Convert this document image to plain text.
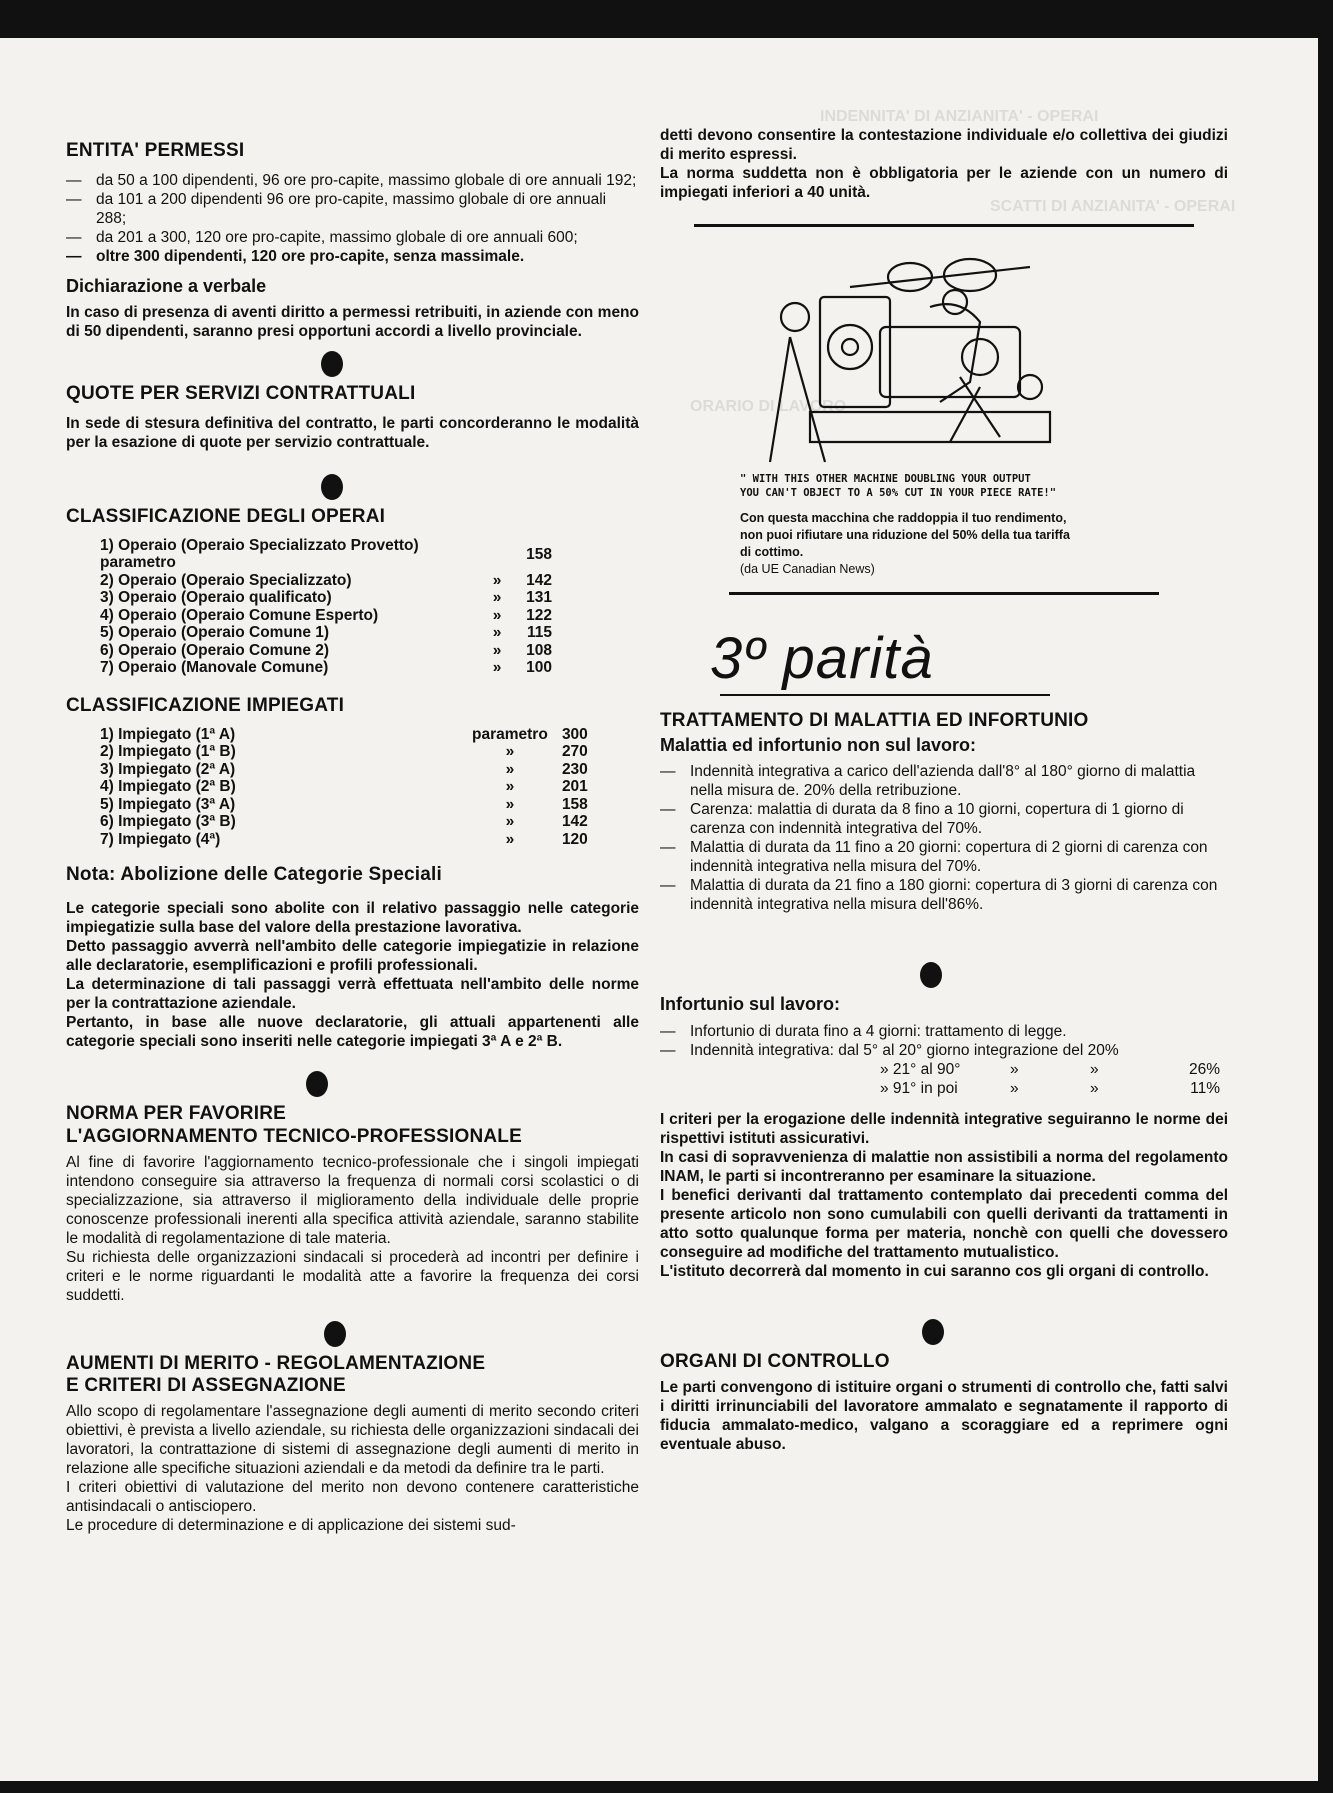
INDENNITA' DI ANZIANITA' - OPERAI
SCATTI DI ANZIANITA' - OPERAI
ORARIO DI LAVORO
ENTITA' PERMESSI
— da 50 a 100 dipendenti, 96 ore pro-capite, massimo globale di ore annuali 192;
— da 101 a 200 dipendenti 96 ore pro-capite, massimo globale di ore annuali 288;
— da 201 a 300, 120 ore pro-capite, massimo globale di ore annuali 600;
— oltre 300 dipendenti, 120 ore pro-capite, senza massimale.
Dichiarazione a verbale

In caso di presenza di aventi diritto a permessi retribuiti, in aziende con meno di 50 dipendenti, saranno presi opportuni accordi a livello provinciale.

QUOTE PER SERVIZI CONTRATTUALI

In sede di stesura definitiva del contratto, le parti concorderanno le modalità per la esazione di quote per servizio contrattuale.

CLASSIFICAZIONE DEGLI OPERAI
1) Operaio (Operaio Specializzato Provetto) parametro		158
2) Operaio (Operaio Specializzato)	»	142
3) Operaio (Operaio qualificato)	»	131
4) Operaio (Operaio Comune Esperto)	»	122
5) Operaio (Operaio Comune 1)	»	115
6) Operaio (Operaio Comune 2)	»	108
7) Operaio (Manovale Comune)	»	100
CLASSIFICAZIONE IMPIEGATI
1) Impiegato (1ª A)	parametro	300
2) Impiegato (1ª B)	»	270
3) Impiegato (2ª A)	»	230
4) Impiegato (2ª B)	»	201
5) Impiegato (3ª A)	»	158
6) Impiegato (3ª B)	»	142
7) Impiegato (4ª)	»	120
Nota: Abolizione delle Categorie Speciali

Le categorie speciali sono abolite con il relativo passaggio nelle categorie impiegatizie sulla base del valore della prestazione lavorativa.

Detto passaggio avverrà nell'ambito delle categorie impiegatizie in relazione alle declaratorie, esemplificazioni e profili professionali.

La determinazione di tali passaggi verrà effettuata nell'ambito delle norme per la contrattazione aziendale.

Pertanto, in base alle nuove declaratorie, gli attuali appartenenti alle categorie speciali sono inseriti nelle categorie impiegati 3ª A e 2ª B.

NORMA PER FAVORIRE
L'AGGIORNAMENTO TECNICO-PROFESSIONALE

Al fine di favorire l'aggiornamento tecnico-professionale che i singoli impiegati intendono conseguire sia attraverso la frequenza di normali corsi scolastici o di specializzazione, sia attraverso il miglioramento della individuale delle proprie conoscenze professionali inerenti alla specifica attività aziendale, saranno stabilite le modalità di regolamentazione di tale materia.

Su richiesta delle organizzazioni sindacali si procederà ad incontri per definire i criteri e le norme riguardanti le modalità atte a favorire la frequenza dei corsi suddetti.

AUMENTI DI MERITO - REGOLAMENTAZIONE
E CRITERI DI ASSEGNAZIONE

Allo scopo di regolamentare l'assegnazione degli aumenti di merito secondo criteri obiettivi, è prevista a livello aziendale, su richiesta delle organizzazioni sindacali dei lavoratori, la contrattazione di sistemi di assegnazione degli aumenti di merito in relazione alle specifiche situazioni aziendali e da metodi da definire tra le parti.

I criteri obiettivi di valutazione del merito non devono contenere caratteristiche antisindacali o antisciopero.

Le procedure di determinazione e di applicazione dei sistemi sud-

detti devono consentire la contestazione individuale e/o collettiva dei giudizi di merito espressi.

La norma suddetta non è obbligatoria per le aziende con un numero di impiegati inferiori a 40 unità.

" WITH THIS OTHER MACHINE DOUBLING YOUR OUTPUT
YOU CAN'T OBJECT TO A 50% CUT IN YOUR PIECE RATE!"
Con questa macchina che raddoppia il tuo rendimento, non puoi rifiutare una riduzione del 50% della tua tariffa di cottimo.
(da UE Canadian News)
3º parità
TRATTAMENTO DI MALATTIA ED INFORTUNIO
Malattia ed infortunio non sul lavoro:
— Indennità integrativa a carico dell'azienda dall'8° al 180° giorno di malattia nella misura de. 20% della retribuzione.
— Carenza: malattia di durata da 8 fino a 10 giorni, copertura di 1 giorno di carenza con indennità integrativa del 70%.
— Malattia di durata da 11 fino a 20 giorni: copertura di 2 giorni di carenza con indennità integrativa nella misura del 70%.
— Malattia di durata da 21 fino a 180 giorni: copertura di 3 giorni di carenza con indennità integrativa nella misura dell'86%.
Infortunio sul lavoro:
— Infortunio di durata fino a 4 giorni: trattamento di legge.
— Indennità integrativa: dal 5° al 20° giorno integrazione del 20%
» 21° al 90°	»	»	26%
» 91° in poi	»	»	11%

I criteri per la erogazione delle indennità integrative seguiranno le norme dei rispettivi istituti assicurativi.

In casi di sopravvenienza di malattie non assistibili a norma del regolamento INAM, le parti si incontreranno per esaminare la situazione.

I benefici derivanti dal trattamento contemplato dai precedenti comma del presente articolo non sono cumulabili con quelli derivanti da trattamenti in atto sotto qualunque forma per materia, nonchè con quelli che dovessero conseguire ad modifiche del trattamento mutualistico.

L'istituto decorrerà dal momento in cui saranno cos gli organi di controllo.

ORGANI DI CONTROLLO

Le parti convengono di istituire organi o strumenti di controllo che, fatti salvi i diritti irrinunciabili del lavoratore ammalato e segnatamente il rapporto di fiducia ammalato-medico, valgano a scoraggiare ed a reprimere ogni eventuale abuso.
